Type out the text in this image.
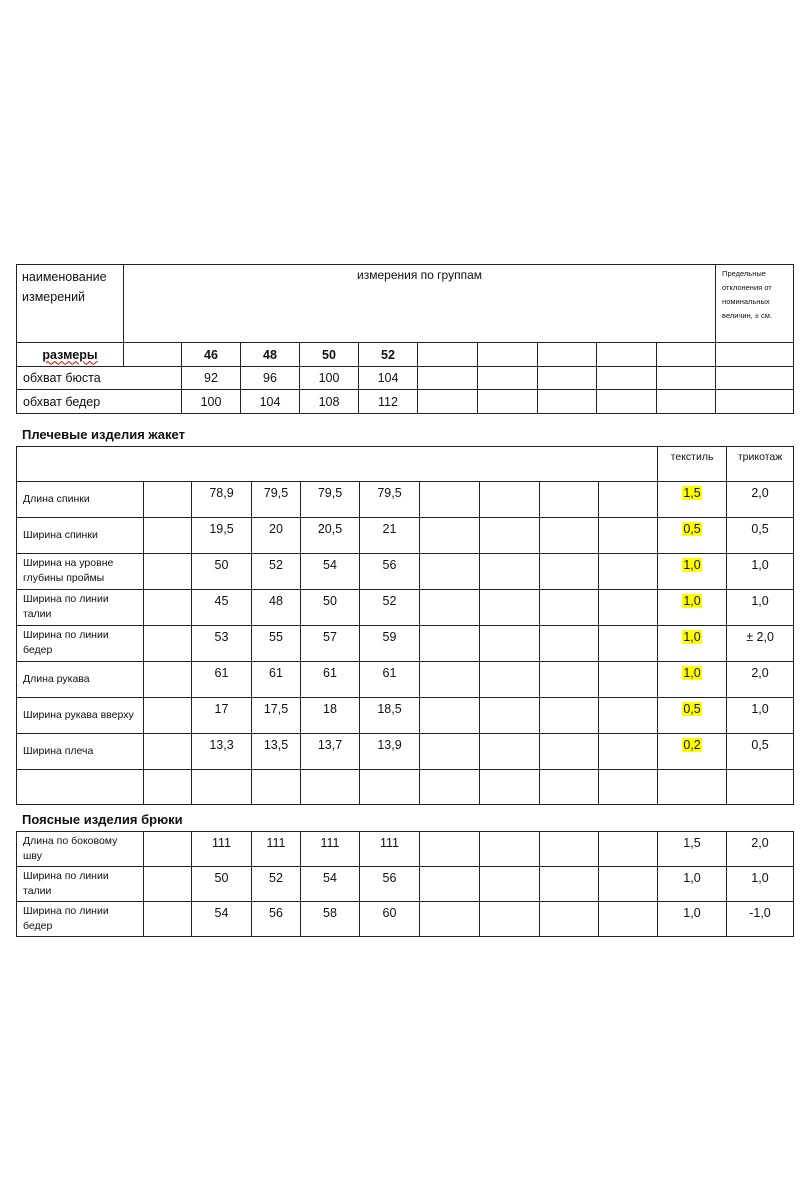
наименование
измерений	измерения по группам										Предельные
отклонения от
номинальных
величин, ± см.
размеры		46	48	50	52						
обхват бюста		92	96	100	104						
обхват бедер		100	104	108	112						
Плечевые изделия жакет
										текстиль	трикотаж
Длина спинки		78,9	79,5	79,5	79,5					1,5	2,0
Ширина спинки		19,5	20	20,5	21					0,5	0,5
Ширина на уровне
глубины проймы		50	52	54	56					1,0	1,0
Ширина по линии
талии		45	48	50	52					1,0	1,0
Ширина по линии
бедер		53	55	57	59					1,0	± 2,0
Длина рукава		61	61	61	61					1,0	2,0
Ширина рукава вверху		17	17,5	18	18,5					0,5	1,0
Ширина плеча		13,3	13,5	13,7	13,9					0,2	0,5

Поясные изделия брюки
Длина по боковому
шву		111	111	111	111					1,5	2,0
Ширина по линии
талии		50	52	54	56					1,0	1,0
Ширина по линии
бедер		54	56	58	60					1,0	-1,0
